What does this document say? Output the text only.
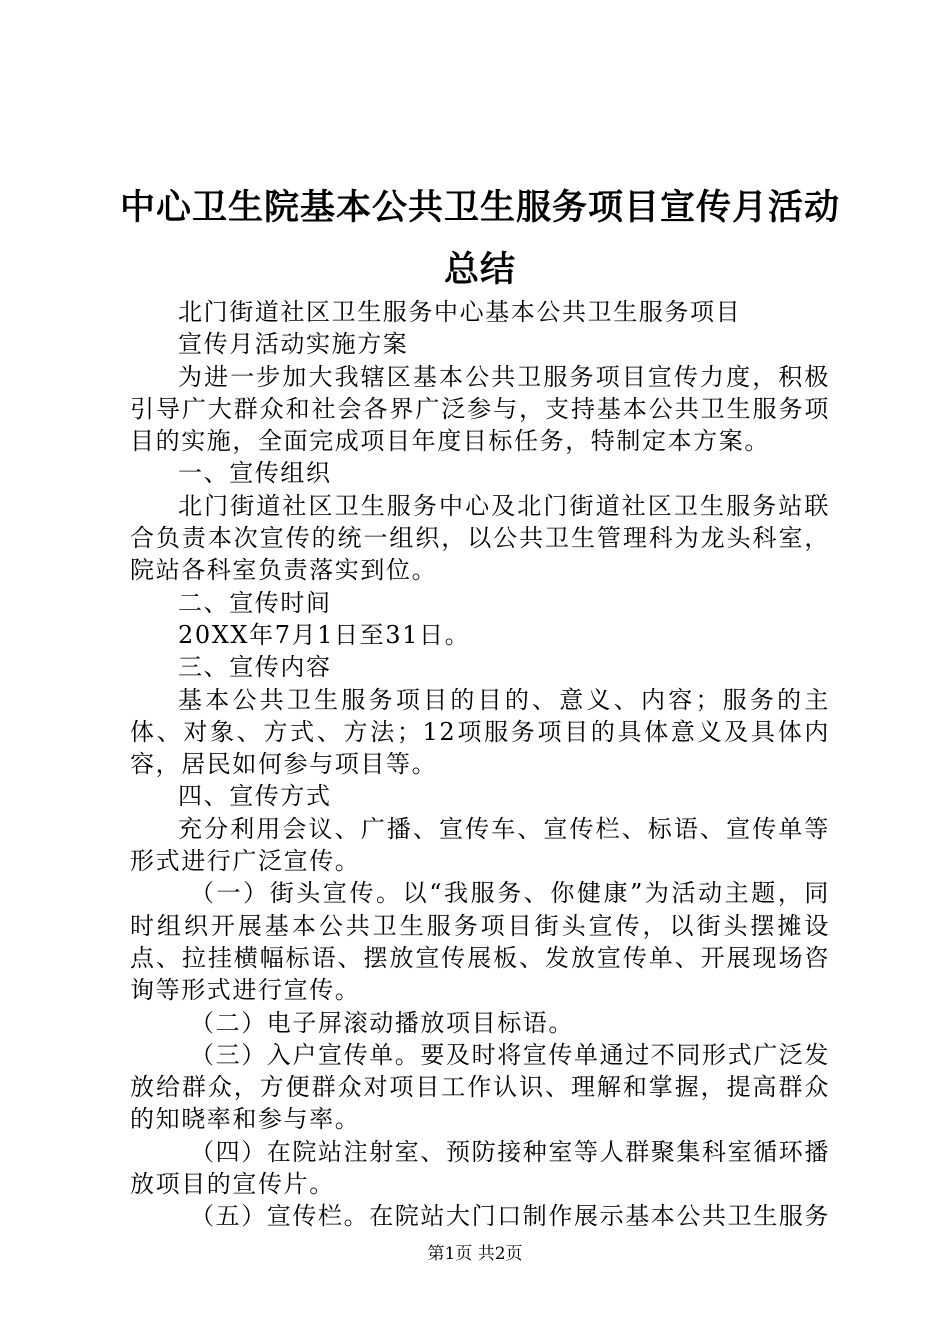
中心卫生院基本公共卫生服务项目宣传月活动
总结

北门街道社区卫生服务中心基本公共卫生服务项目

宣传月活动实施方案

为进一步加大我辖区基本公共卫服务项目宣传力度，积极引导广大群众和社会各界广泛参与，支持基本公共卫生服务项目的实施，全面完成项目年度目标任务，特制定本方案。

一、宣传组织

北门街道社区卫生服务中心及北门街道社区卫生服务站联合负责本次宣传的统一组织，以公共卫生管理科为龙头科室，院站各科室负责落实到位。

二、宣传时间

20XX年7月1日至31日。

三、宣传内容

基本公共卫生服务项目的目的、意义、内容；服务的主体、对象、方式、方法；12项服务项目的具体意义及具体内容，居民如何参与项目等。

四、宣传方式

充分利用会议、广播、宣传车、宣传栏、标语、宣传单等形式进行广泛宣传。

（一）街头宣传。以“我服务、你健康”为活动主题，同时组织开展基本公共卫生服务项目街头宣传，以街头摆摊设点、拉挂横幅标语、摆放宣传展板、发放宣传单、开展现场咨询等形式进行宣传。

（二）电子屏滚动播放项目标语。

（三）入户宣传单。要及时将宣传单通过不同形式广泛发放给群众，方便群众对项目工作认识、理解和掌握，提高群众的知晓率和参与率。

（四）在院站注射室、预防接种室等人群聚集科室循环播放项目的宣传片。

（五）宣传栏。在院站大门口制作展示基本公共卫生服务

第1页 共2页
